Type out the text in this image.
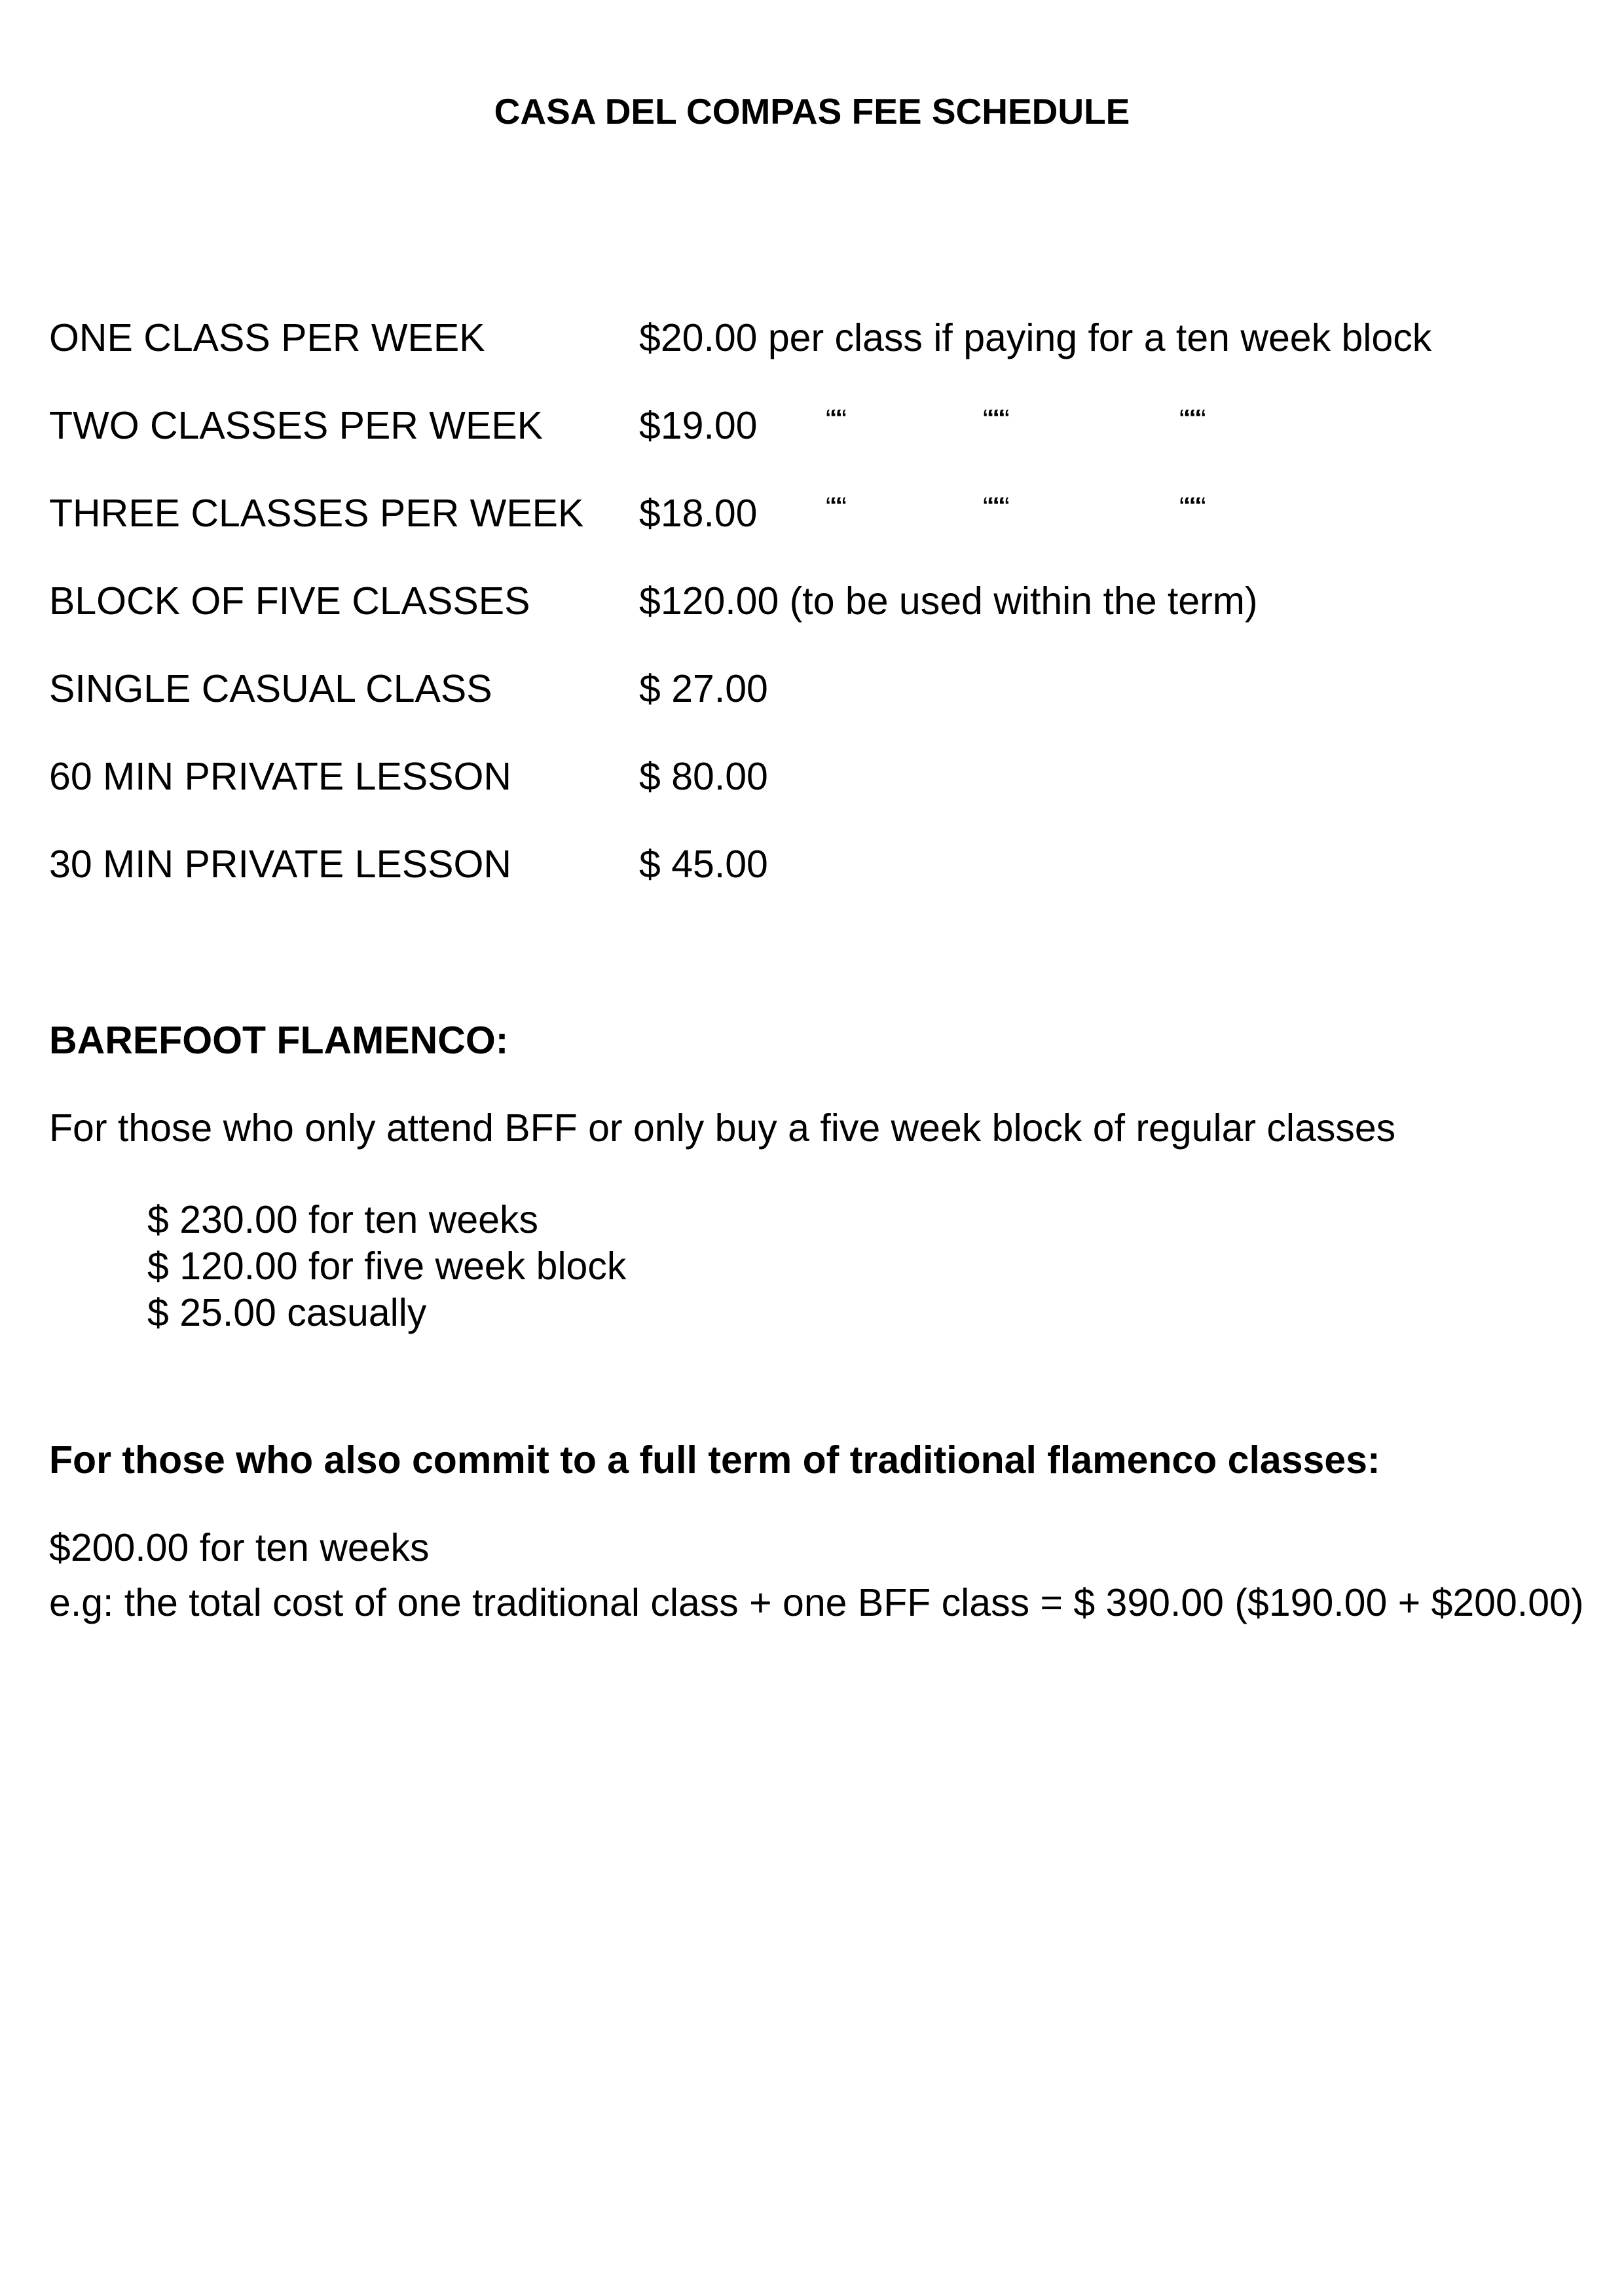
CASA DEL COMPAS FEE SCHEDULE
ONE CLASS PER WEEK	$20.00 per class if paying for a ten week block
TWO CLASSES PER WEEK $19.00 “““	““““	““““
THREE CLASSES PER WEEK $18.00 “““	““““	““““
BLOCK OF FIVE CLASSES	$120.00 (to be used within the term)
SINGLE CASUAL CLASS	$ 27.00
60 MIN PRIVATE LESSON	$ 80.00
30 MIN PRIVATE LESSON	$ 45.00
BAREFOOT FLAMENCO:
For those who only attend BFF or only buy a five week block of regular classes
$ 230.00 for ten weeks
$ 120.00 for five week block
$ 25.00 casually
For those who also commit to a full term of traditional flamenco classes:
$200.00 for ten weeks
e.g: the total cost of one traditional class + one BFF class = $ 390.00 ($190.00 + $200.00)
